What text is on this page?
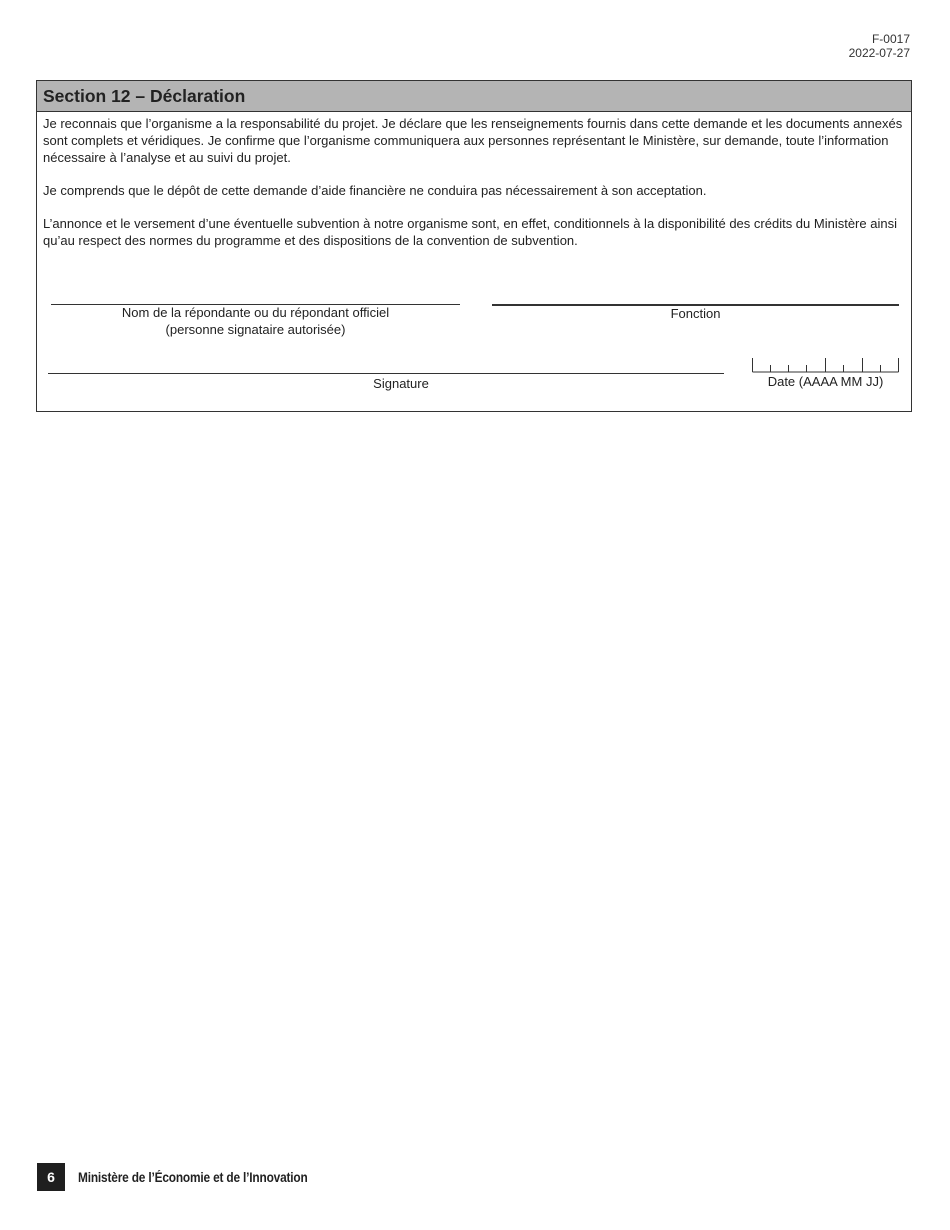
F-0017
2022-07-27
Section 12 – Déclaration

Je reconnais que l’organisme a la responsabilité du projet. Je déclare que les renseignements fournis dans cette demande et les documents annexés sont complets et véridiques. Je confirme que l’organisme communiquera aux personnes représentant le Ministère, sur demande, toute l’information nécessaire à l’analyse et au suivi du projet.

Je comprends que le dépôt de cette demande d’aide financière ne conduira pas nécessairement à son acceptation.

L’annonce et le versement d’une éventuelle subvention à notre organisme sont, en effet, conditionnels à la disponibilité des crédits du Ministère ainsi qu’au respect des normes du programme et des dispositions de la convention de subvention.

Nom de la répondante ou du répondant officiel
(personne signataire autorisée)
Fonction
Signature	Date (AAAA MM JJ)
6	Ministère de l’Économie et de l’Innovation
